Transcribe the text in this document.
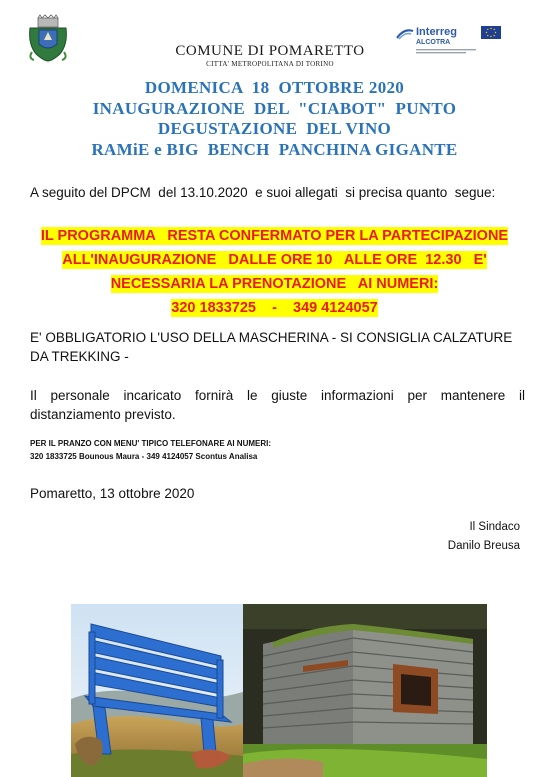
COMUNE DI POMARETTO
CITTA' METROPOLITANA DI TORINO
Interreg
ALCOTRA
DOMENICA  18  OTTOBRE 2020
INAUGURAZIONE  DEL  "CIABOT"  PUNTO
DEGUSTAZIONE  DEL VINO
RAMiE e BIG  BENCH  PANCHINA GIGANTE
A seguito del DPCM  del 13.10.2020  e suoi allegati  si precisa quanto  segue:
IL PROGRAMMA   RESTA CONFERMATO PER LA PARTECIPAZIONE
ALL'INAUGURAZIONE   DALLE ORE 10   ALLE ORE  12.30   E'
NECESSARIA LA PRENOTAZIONE   AI NUMERI:
320 1833725    -    349 4124057
E' OBBLIGATORIO L'USO DELLA MASCHERINA - SI CONSIGLIA CALZATURE DA TREKKING -
Il personale incaricato fornirà le giuste informazioni per mantenere il distanziamento previsto.
PER IL PRANZO CON MENU' TIPICO TELEFONARE AI NUMERI:
320 1833725 Bounous Maura - 349 4124057 Scontus Analisa
Pomaretto, 13 ottobre 2020
Il Sindaco
Danilo Breusa
